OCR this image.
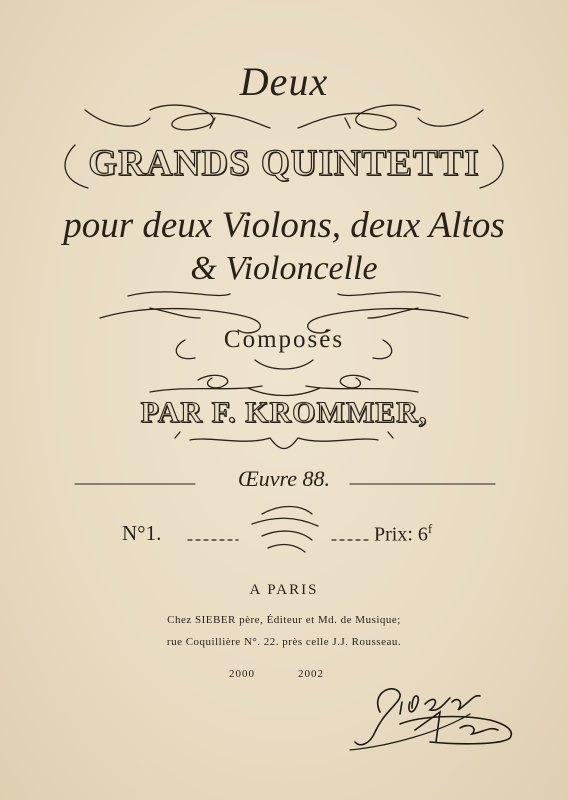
Deux
GRANDS QUINTETTI
pour deux Violons, deux Altos
& Violoncelle
Composés
PAR F. KROMMER,
Œuvre 88.
N°1.	Prix: 6$^f$
A PARIS
Chez SIEBER père, Éditeur et Md. de Musique;
rue Coquillière N°. 22. près celle J.J. Rousseau.
2000	2002
